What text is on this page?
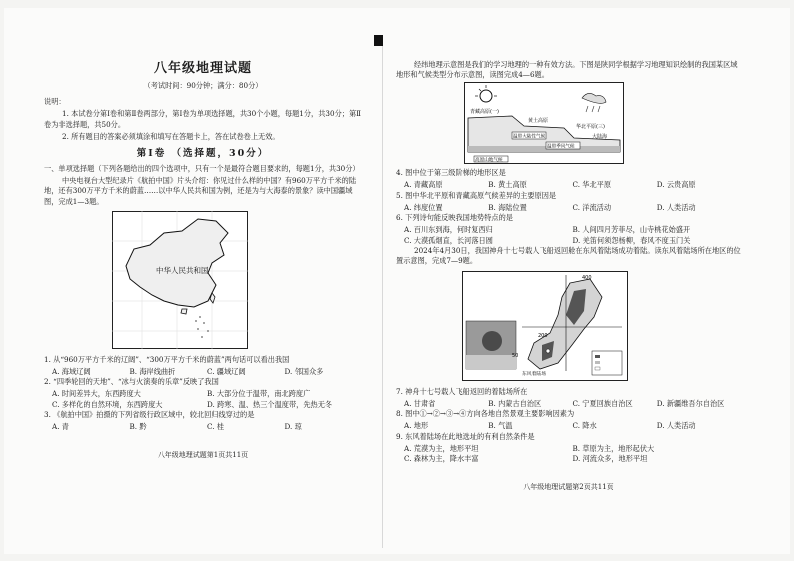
八年级地理试题
（考试时间：90分钟；满分：80分）

说明：

1. 本试卷分第Ⅰ卷和第Ⅱ卷两部分，第Ⅰ卷为单项选择题，共30个小题，每题1分，共30分；第Ⅱ卷为非选择题，共50分。

2. 所有题目的答案必须填涂和填写在答题卡上，答在试卷卷上无效。

第Ⅰ卷 （选择题，30分）

一、单项选择题（下列各题给出的四个选项中，只有一个是最符合题目要求的，每题1分，共30分）

中央电视台大型纪录片《航拍中国》片头介绍：你见过什么样的中国？有960万平方千米的陆地，还有300万平方千米的蔚蓝……以中华人民共和国为例，还是为与大海泰的景象？读中国疆域图，完成1—3题。

中华人民共和国

1. 从“960万平方千米的辽阔”、“300万平方千米的蔚蓝”两句话可以看出我国

A. 海域辽阔	B. 海岸线曲折	C. 疆域辽阔	D. 邻国众多

2. “四季轮回的天地”、“冰与火演奏的乐章”反映了我国

A. 时间差异大，东西跨度大	B. 大部分位于温带，南北跨度广
C. 多样化的自然环境，东西跨度大	D. 跨寒、温、热三个温度带，先热无冬

3. 《航拍中国》拍摄的下列省级行政区域中，较北回归线穿过的是

A. 青	B. 黔	C. 桂	D. 琼
八年级地理试题第1页共11页

经纬地理示意图是我们的学习地理的一种有效方法。下图是陕同学根据学习地理知识绘制的我国某区域地形和气候类型分布示意图，读图完成4—6题。

青藏高原(一)
黄土高原
温带大陆性气候
温带季风气候
华北平原(三)
大陆海
高原山地气候

4. 图中位于第三级阶梯的地形区是

A. 青藏高原	B. 黄土高原	C. 华北平原	D. 云贵高原

5. 图中华北平原和青藏高原气候差异的主要原因是

A. 纬度位置	B. 海陆位置	C. 洋流活动	D. 人类活动

6. 下列诗句能反映我国地势特点的是

A. 百川东到海，何时复西归	B. 人间四月芳菲尽，山寺桃花始盛开
C. 大漠孤烟直，长河落日圆	D. 羌笛何须怨杨柳，春风不度玉门关

2024年4月30日，我国神舟十七号载人飞船返回舱在东风着陆场成功着陆。读东风着陆场所在地区的位置示意图，完成7—9题。

400
200
50
东风着陆场

7. 神舟十七号载人飞船返回的着陆场所在

A. 甘肃省	B. 内蒙古自治区	C. 宁夏回族自治区	D. 新疆维吾尔自治区

8. 图中①→②→③→④方向各地自然景观主要影响因素为

A. 地形	B. 气温	C. 降水	D. 人类活动

9. 东风着陆场在此地选址的有利自然条件是

A. 荒漠为主，地形平坦	B. 草原为主，地形起伏大
C. 森林为主，降水丰富	D. 河流众多，地形平坦
八年级地理试题第2页共11页
